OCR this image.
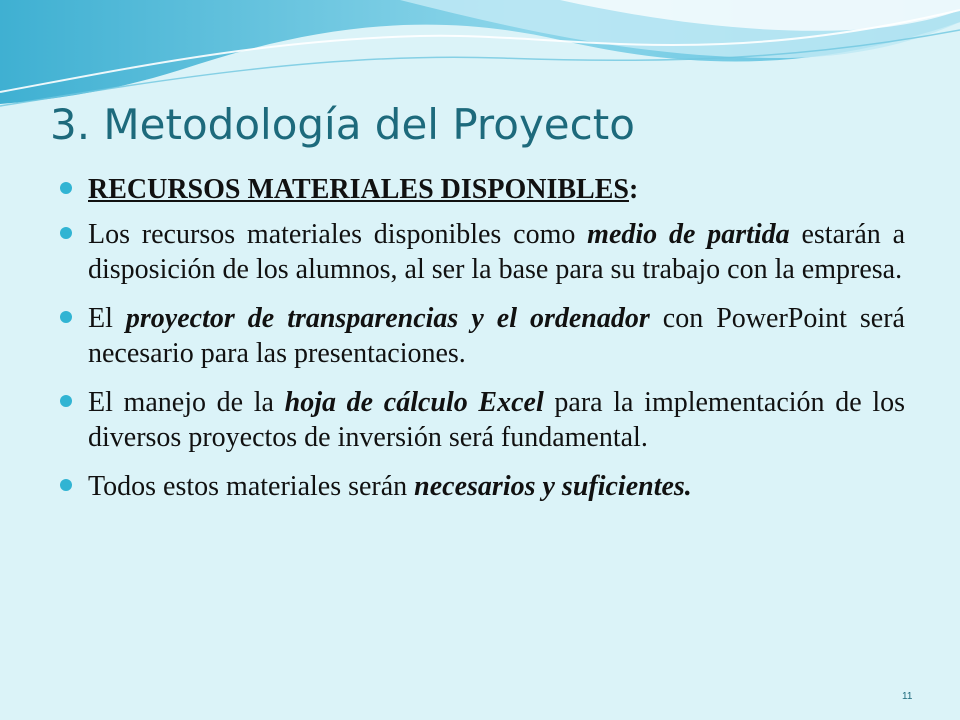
3. Metodología del Proyecto
RECURSOS MATERIALES DISPONIBLES:
Los recursos materiales disponibles como medio de partida estarán a disposición de los alumnos, al ser la base para su trabajo con la empresa.
El proyector de transparencias y el ordenador con PowerPoint será necesario para las presentaciones.
El manejo de la hoja de cálculo Excel para la implementación de los diversos proyectos de inversión será fundamental.
Todos estos materiales serán necesarios y suficientes.
11
